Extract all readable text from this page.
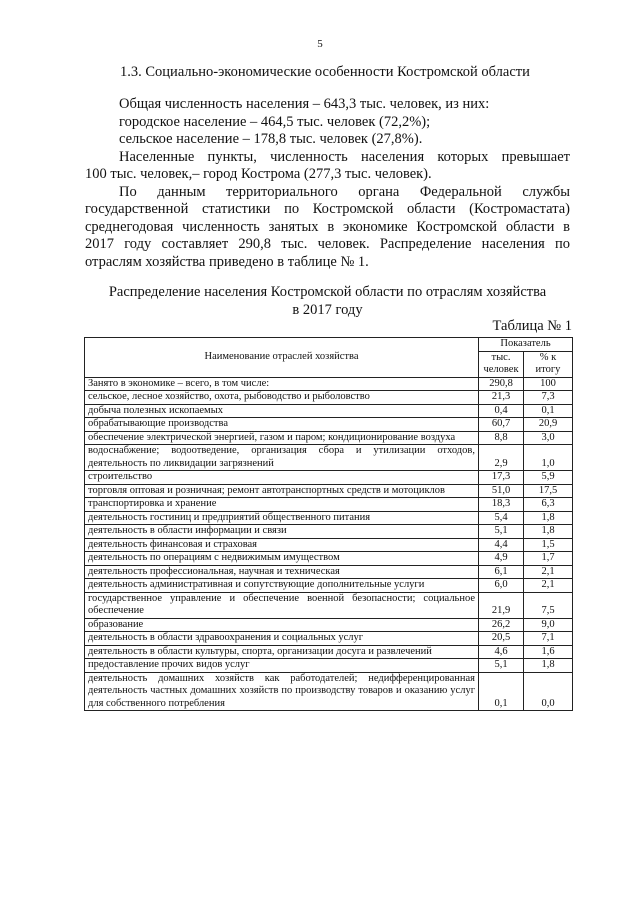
5
1.3. Социально-экономические особенности Костромской области
Общая численность населения – 643,3 тыс. человек, из них:
городское население – 464,5 тыс. человек (72,2%);
сельское население – 178,8 тыс. человек (27,8%).
Населенные пункты, численность населения которых превышает
100 тыс. человек,– город Кострома (277,3 тыс. человек).
По данным территориального органа Федеральной службы
государственной статистики по Костромской области (Костромастата)
среднегодовая численность занятых в экономике Костромской области в
2017 году составляет 290,8 тыс. человек. Распределение населения по
отраслям хозяйства приведено в таблице № 1.
Распределение населения Костромской области по отраслям хозяйства
в 2017 году
Таблица № 1
Наименование отраслей хозяйства	Показатель	
	тыс. человек	% к итогу
Занято в экономике – всего, в том числе:	290,8	100
сельское, лесное хозяйство, охота, рыбоводство и рыболовство	21,3	7,3
добыча полезных ископаемых	0,4	0,1
обрабатывающие производства	60,7	20,9
обеспечение электрической энергией, газом и паром; кондиционирование воздуха	8,8	3,0
водоснабжение; водоотведение, организация сбора и утилизации отходов, деятельность по ликвидации загрязнений	2,9	1,0
строительство	17,3	5,9
торговля оптовая и розничная; ремонт автотранспортных средств и мотоциклов	51,0	17,5
транспортировка и хранение	18,3	6,3
деятельность гостиниц и предприятий общественного питания	5,4	1,8
деятельность в области информации и связи	5,1	1,8
деятельность финансовая и страховая	4,4	1,5
деятельность по операциям с недвижимым имуществом	4,9	1,7
деятельность профессиональная, научная и техническая	6,1	2,1
деятельность административная и сопутствующие дополнительные услуги	6,0	2,1
государственное управление и обеспечение военной безопасности; социальное обеспечение	21,9	7,5
образование	26,2	9,0
деятельность в области здравоохранения и социальных услуг	20,5	7,1
деятельность в области культуры, спорта, организации досуга и развлечений	4,6	1,6
предоставление прочих видов услуг	5,1	1,8
деятельность домашних хозяйств как работодателей; недифференцированная деятельность частных домашних хозяйств по производству товаров и оказанию услуг для собственного потребления	0,1	0,0
